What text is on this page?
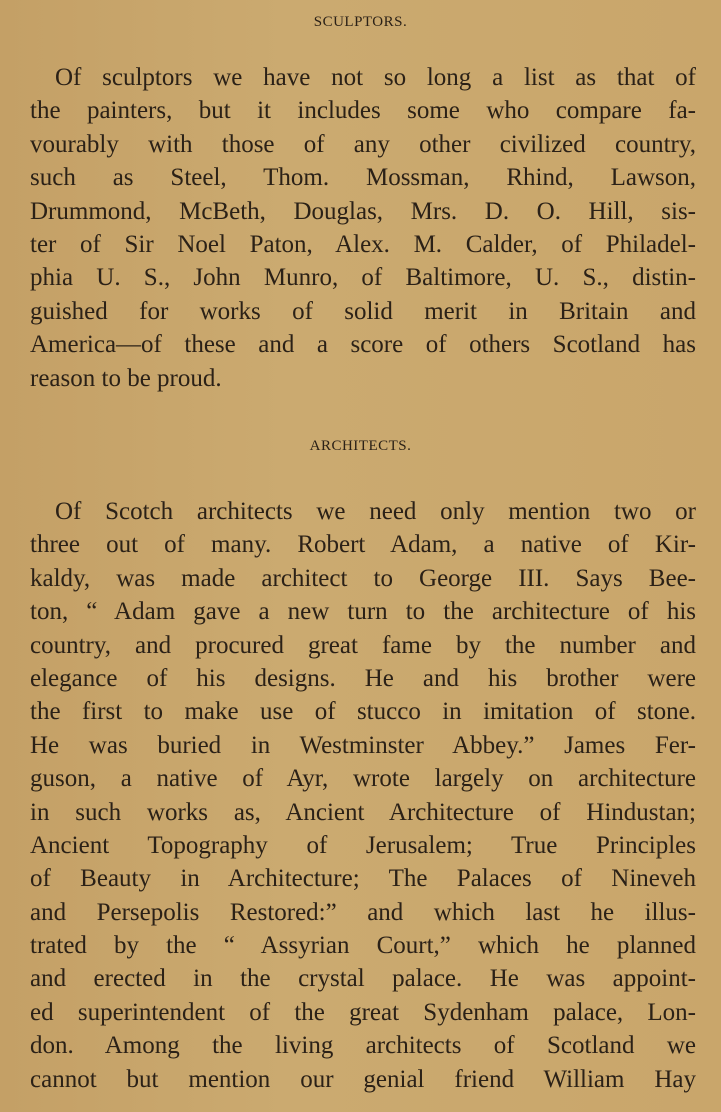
SCULPTORS.
Of sculptors we have not so long a list as that of
the painters, but it includes some who compare fa-
vourably with those of any other civilized country,
such as Steel, Thom. Mossman, Rhind, Lawson,
Drummond, McBeth, Douglas, Mrs. D. O. Hill, sis-
ter of Sir Noel Paton, Alex. M. Calder, of Philadel-
phia U. S., John Munro, of Baltimore, U. S., distin-
guished for works of solid merit in Britain and
America—of these and a score of others Scotland has
reason to be proud.
ARCHITECTS.
Of Scotch architects we need only mention two or
three out of many. Robert Adam, a native of Kir-
kaldy, was made architect to George III. Says Bee-
ton, “ Adam gave a new turn to the architecture of his
country, and procured great fame by the number and
elegance of his designs. He and his brother were
the first to make use of stucco in imitation of stone.
He was buried in Westminster Abbey.” James Fer-
guson, a native of Ayr, wrote largely on architecture
in such works as, Ancient Architecture of Hindustan;
Ancient Topography of Jerusalem; True Principles
of Beauty in Architecture; The Palaces of Nineveh
and Persepolis Restored:” and which last he illus-
trated by the “ Assyrian Court,” which he planned
and erected in the crystal palace. He was appoint-
ed superintendent of the great Sydenham palace, Lon-
don. Among the living architects of Scotland we
cannot but mention our genial friend William Hay
